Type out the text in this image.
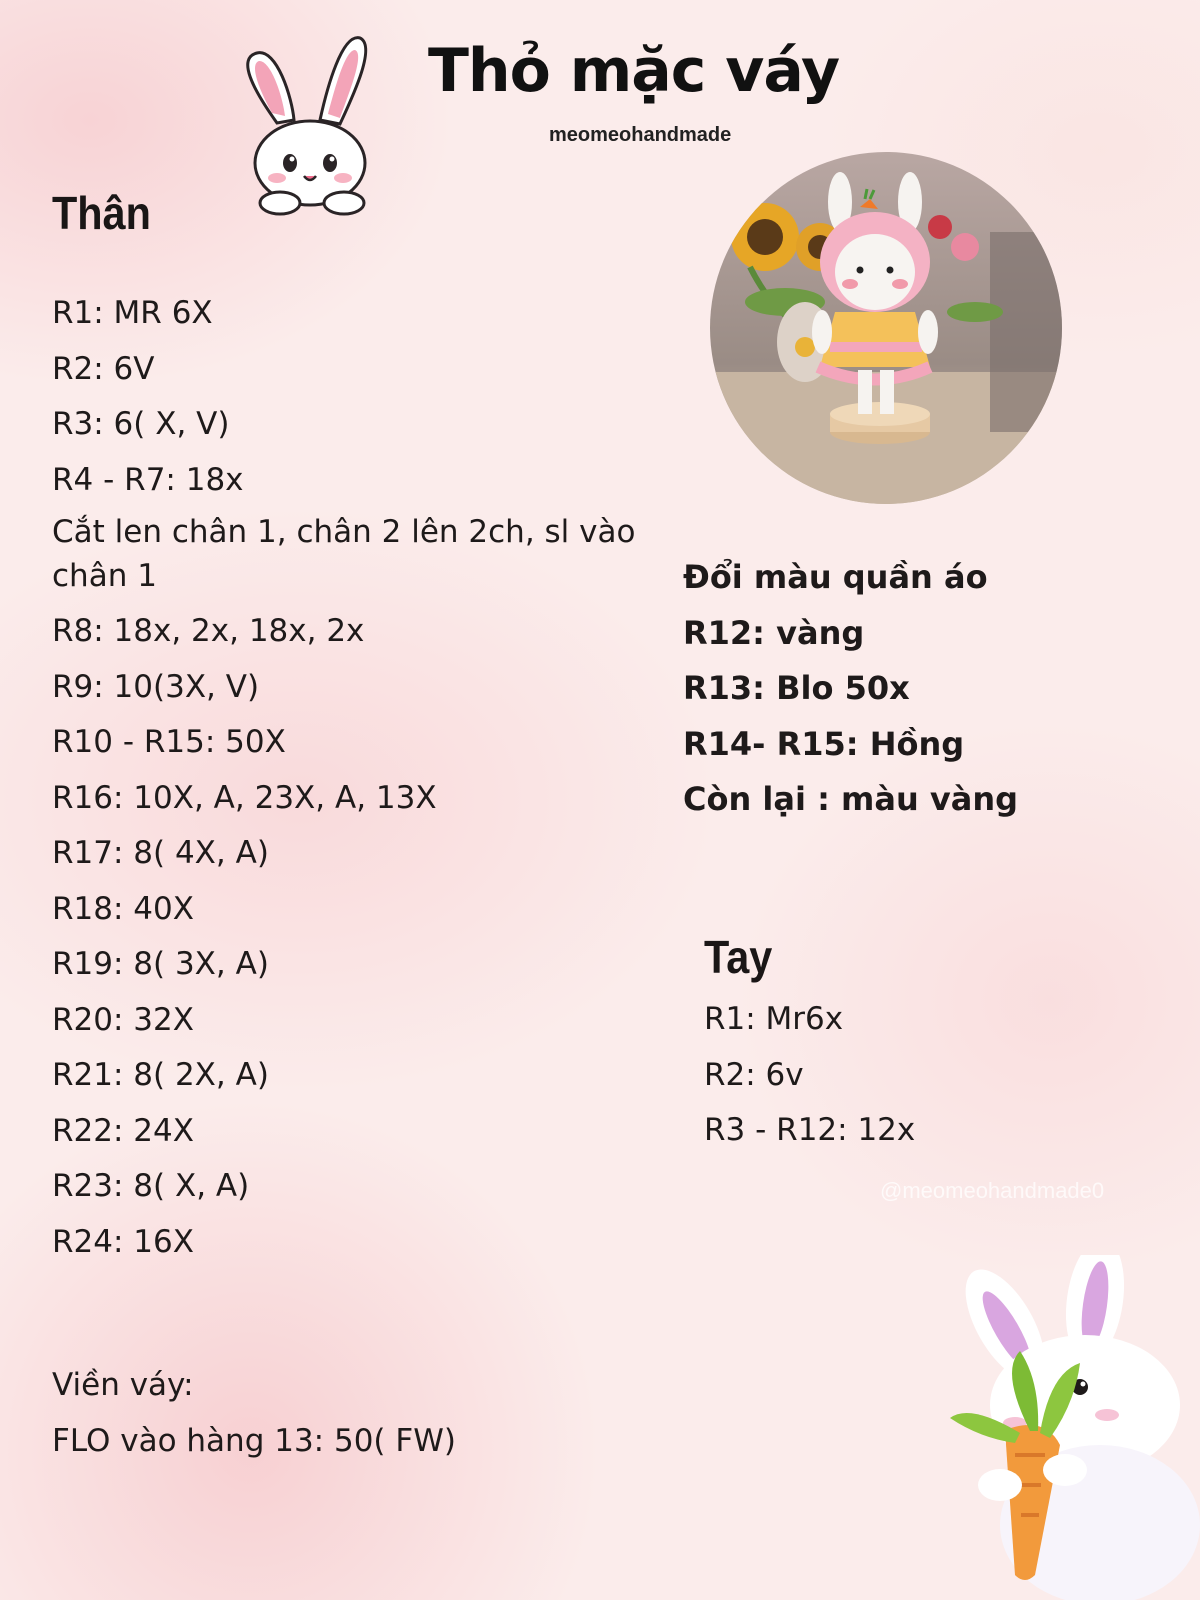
Thỏ mặc váy
meomeohandmade
Thân
R1: MR 6X
R2: 6V
R3: 6( X, V)
R4 - R7: 18x
Cắt len chân 1, chân 2 lên 2ch, sl vào chân 1
R8: 18x, 2x, 18x, 2x
R9: 10(3X, V)
R10 - R15: 50X
R16: 10X, A, 23X, A, 13X
R17: 8( 4X, A)
R18: 40X
R19: 8( 3X, A)
R20: 32X
R21: 8( 2X, A)
R22: 24X
R23: 8( X, A)
R24: 16X
Viền váy:
FLO vào hàng 13: 50( FW)
Đổi màu quần áo
R12: vàng
R13: Blo 50x
R14- R15: Hồng
Còn lại : màu vàng
Tay
R1: Mr6x
R2: 6v
R3 - R12: 12x
@meomeohandmade0
